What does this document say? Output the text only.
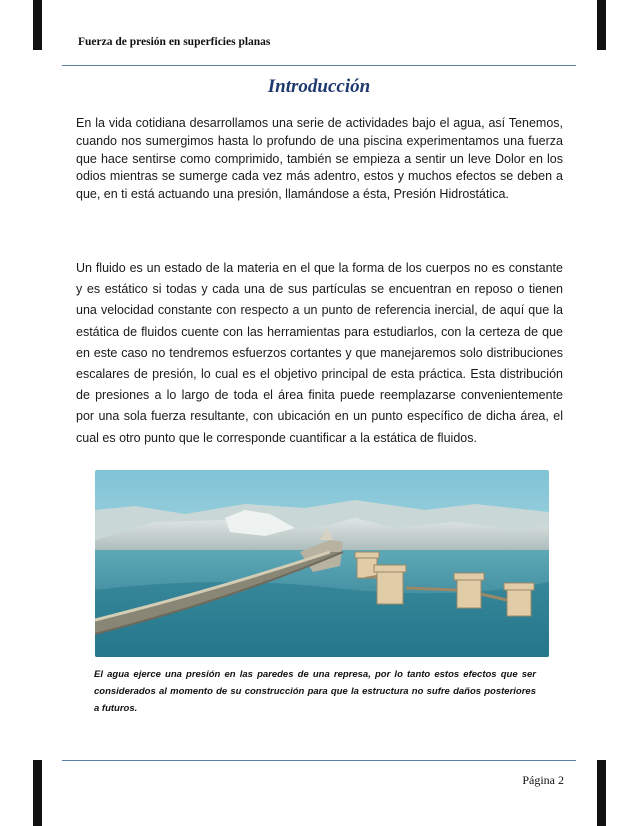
Fuerza de presión en superficies planas
Introducción
En la vida cotidiana desarrollamos una serie de actividades bajo el agua, así Tenemos, cuando nos sumergimos hasta lo profundo de una piscina experimentamos una fuerza que hace sentirse como comprimido, también se empieza a sentir un leve Dolor en los odios mientras se sumerge cada vez más adentro, estos y muchos efectos se deben a que, en ti está actuando una presión, llamándose a ésta, Presión Hidrostática.
Un fluido es un estado de la materia en el que la forma de los cuerpos no es constante y es estático si todas y cada una de sus partículas se encuentran en reposo o tienen una velocidad constante con respecto a un punto de referencia inercial, de aquí que la estática de fluidos cuente con las herramientas para estudiarlos, con la certeza de que en este caso no tendremos esfuerzos cortantes y que manejaremos solo distribuciones escalares de presión, lo cual es el objetivo principal de esta práctica. Esta distribución de presiones a lo largo de toda el área finita puede reemplazarse convenientemente por una sola fuerza resultante, con ubicación en un punto específico de dicha área, el cual es otro punto que le corresponde cuantificar a la estática de fluidos.
El agua ejerce una presión en las paredes de una represa, por lo tanto estos efectos que ser considerados al momento de su construcción para que la estructura no sufre daños posteriores a futuros.
Página 2
